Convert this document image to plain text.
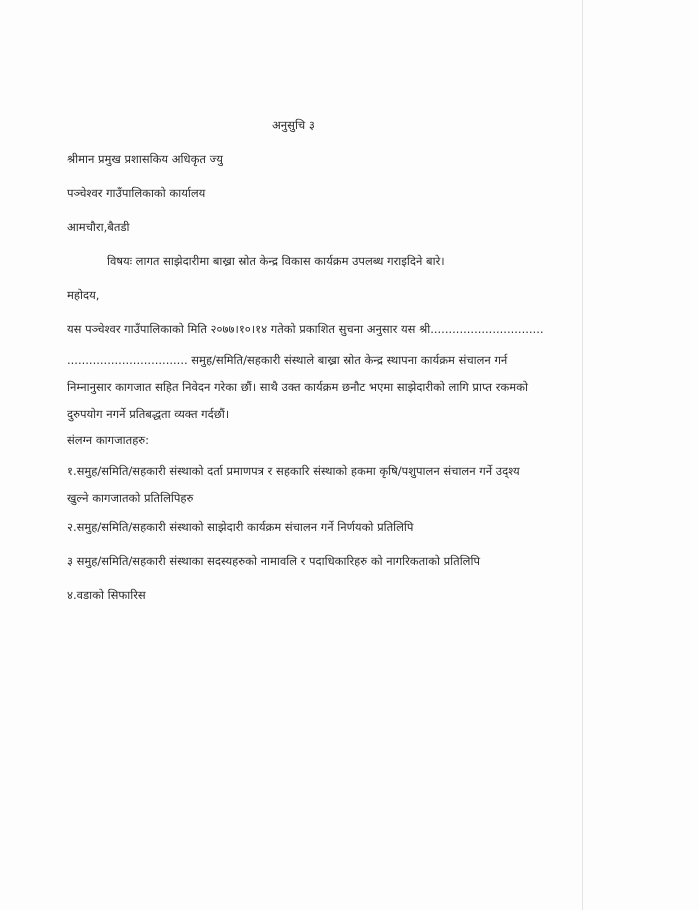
अनुसुचि ३
श्रीमान प्रमुख प्रशासकिय अधिकृत ज्यु
पञ्चेश्वर गाउँपालिकाको कार्यालय
आमचौरा,बैतडी
विषयः लागत साझेदारीमा बाख्रा स्रोत केन्द्र विकास कार्यक्रम उपलब्ध गराइदिने बारे।
महोदय,
यस पञ्चेश्वर गाउँपालिकाको मिति २०७७।१०।१४ गतेको प्रकाशित सुचना अनुसार यस श्री...............................
................................. समुह/समिति/सहकारी संस्थाले बाख्रा स्रोत केन्द्र स्थापना कार्यक्रम संचालन गर्न
निम्नानुसार कागजात सहित निवेदन गरेका छौं। साथै उक्त कार्यक्रम छनौट भएमा साझेदारीको लागि प्राप्त रकमको
दुरुपयोग नगर्ने प्रतिबद्धता व्यक्त गर्दछौं।
संलग्न कागजातहरु:
१.समुह/समिति/सहकारी संस्थाको दर्ता प्रमाणपत्र र सहकारि संस्थाको हकमा कृषि/पशुपालन संचालन गर्ने उद्श्य
खुल्ने कागजातको प्रतिलिपिहरु
२.समुह/समिति/सहकारी संस्थाको साझेदारी कार्यक्रम संचालन गर्ने निर्णयको प्रतिलिपि
३ समुह/समिति/सहकारी संस्थाका सदस्यहरुको नामावलि र पदाधिकारिहरु को नागरिकताको प्रतिलिपि
४.वडाको सिफारिस
